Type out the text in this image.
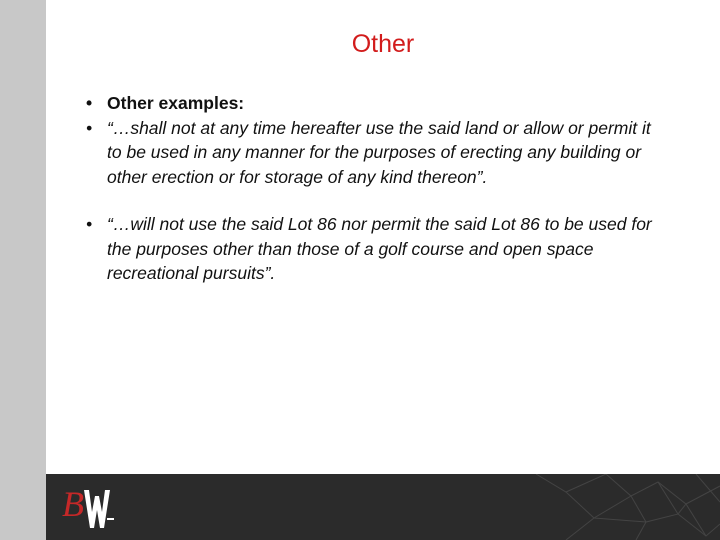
Other
• Other examples:
• “…shall not at any time hereafter use the said land or allow or permit it to be used in any manner for the purposes of erecting any building or other erection or for storage of any kind thereon”.
• “…will not use the said Lot 86 nor permit the said Lot 86 to be used for the purposes other than those of a golf course and open space recreational pursuits”.
B
